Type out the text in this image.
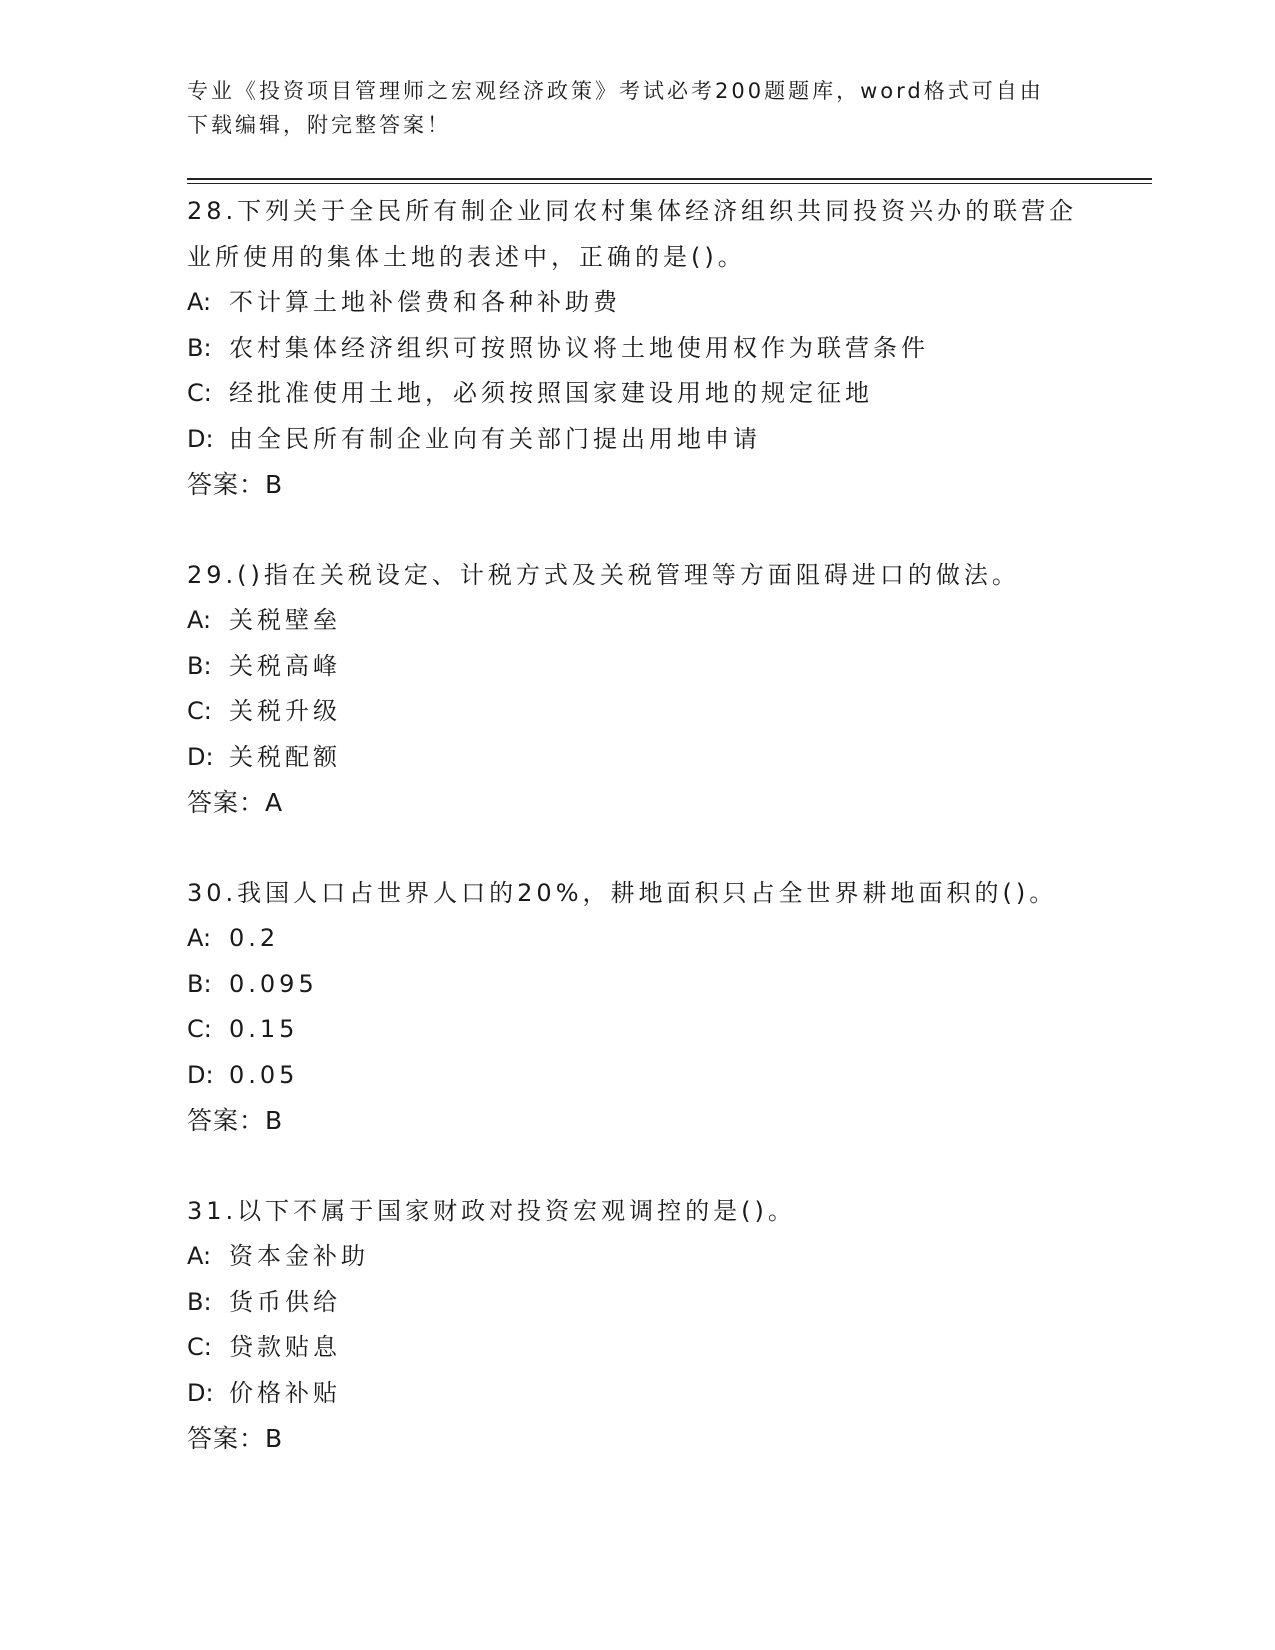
专业《投资项目管理师之宏观经济政策》考试必考200题题库，word格式可自由下载编辑，附完整答案！

28.下列关于全民所有制企业同农村集体经济组织共同投资兴办的联营企业所使用的集体土地的表述中，正确的是()。

A: 不计算土地补偿费和各种补助费

B: 农村集体经济组织可按照协议将土地使用权作为联营条件

C: 经批准使用土地，必须按照国家建设用地的规定征地

D: 由全民所有制企业向有关部门提出用地申请

答案：B

29.()指在关税设定、计税方式及关税管理等方面阻碍进口的做法。

A: 关税壁垒

B: 关税高峰

C: 关税升级

D: 关税配额

答案：A

30.我国人口占世界人口的20%，耕地面积只占全世界耕地面积的()。

A: 0.2

B: 0.095

C: 0.15

D: 0.05

答案：B

31.以下不属于国家财政对投资宏观调控的是()。

A: 资本金补助

B: 货币供给

C: 贷款贴息

D: 价格补贴

答案：B
